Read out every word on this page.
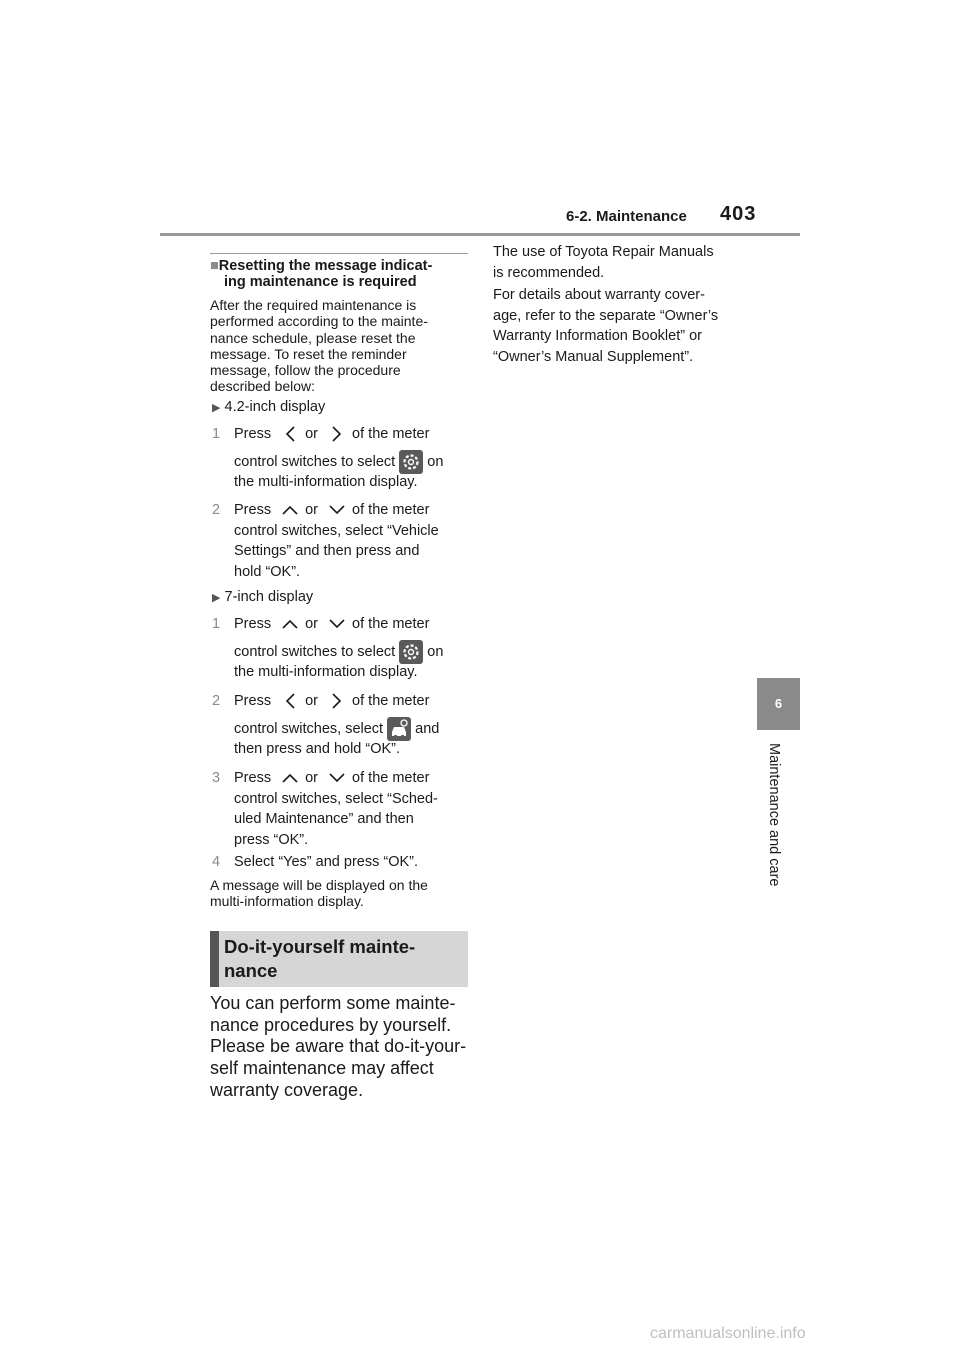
6-2. Maintenance 403
6
Maintenance and care
■Resetting the message indicat-
ing maintenance is required
After the required maintenance is
performed according to the mainte-
nance schedule, please reset the
message. To reset the reminder
message, follow the procedure
described below:
▶ 4.2-inch display
1 Press or of the meter
control switches to select on
the multi-information display.
2 Press or of the meter
control switches, select “Vehicle
Settings” and then press and
hold “OK”.
▶ 7-inch display
1 Press or of the meter
control switches to select on
the multi-information display.
2 Press or of the meter
control switches, select and
then press and hold “OK”.
3 Press or of the meter
control switches, select “Sched-
uled Maintenance” and then
press “OK”.
4 Select “Yes” and press “OK”.
A message will be displayed on the
multi-information display.
Do-it-yourself mainte-
nance
You can perform some mainte-
nance procedures by yourself.
Please be aware that do-it-your-
self maintenance may affect
warranty coverage.
The use of Toyota Repair Manuals
is recommended.
For details about warranty cover-
age, refer to the separate “Owner’s
Warranty Information Booklet” or
“Owner’s Manual Supplement”.
carmanualsonline.info
